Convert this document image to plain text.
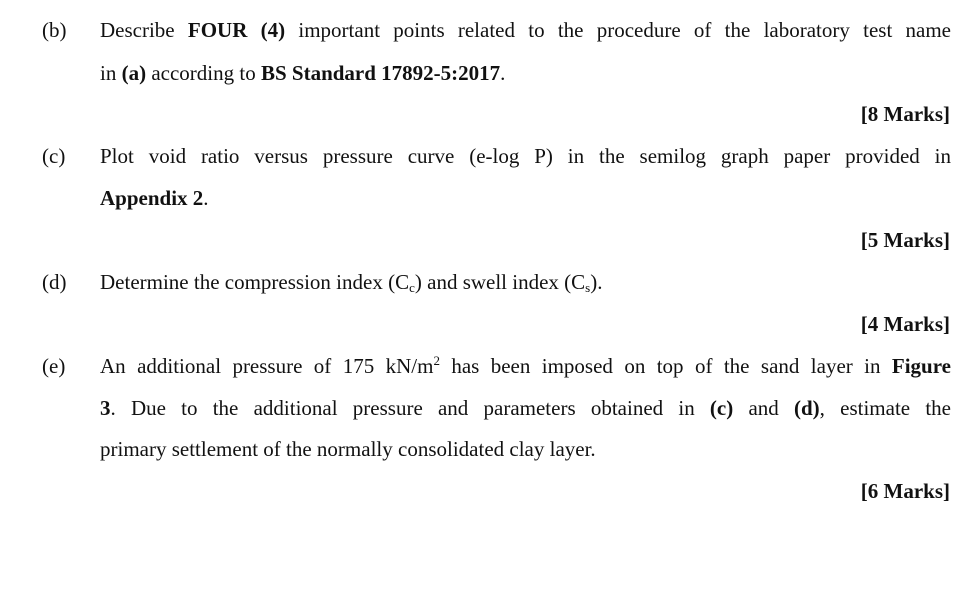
(b) Describe FOUR (4) important points related to the procedure of the laboratory test name
in (a) according to BS Standard 17892-5:2017.
[8 Marks]
(c) Plot void ratio versus pressure curve (e-log P) in the semilog graph paper provided in
Appendix 2.
[5 Marks]
(d) Determine the compression index $(C_c)$ and swell index $(C_s)$.
[4 Marks]
(e) An additional pressure of 175 $kN/m^2$ has been imposed on top of the sand layer in Figure
3. Due to the additional pressure and parameters obtained in (c) and (d), estimate the
primary settlement of the normally consolidated clay layer.
[6 Marks]
